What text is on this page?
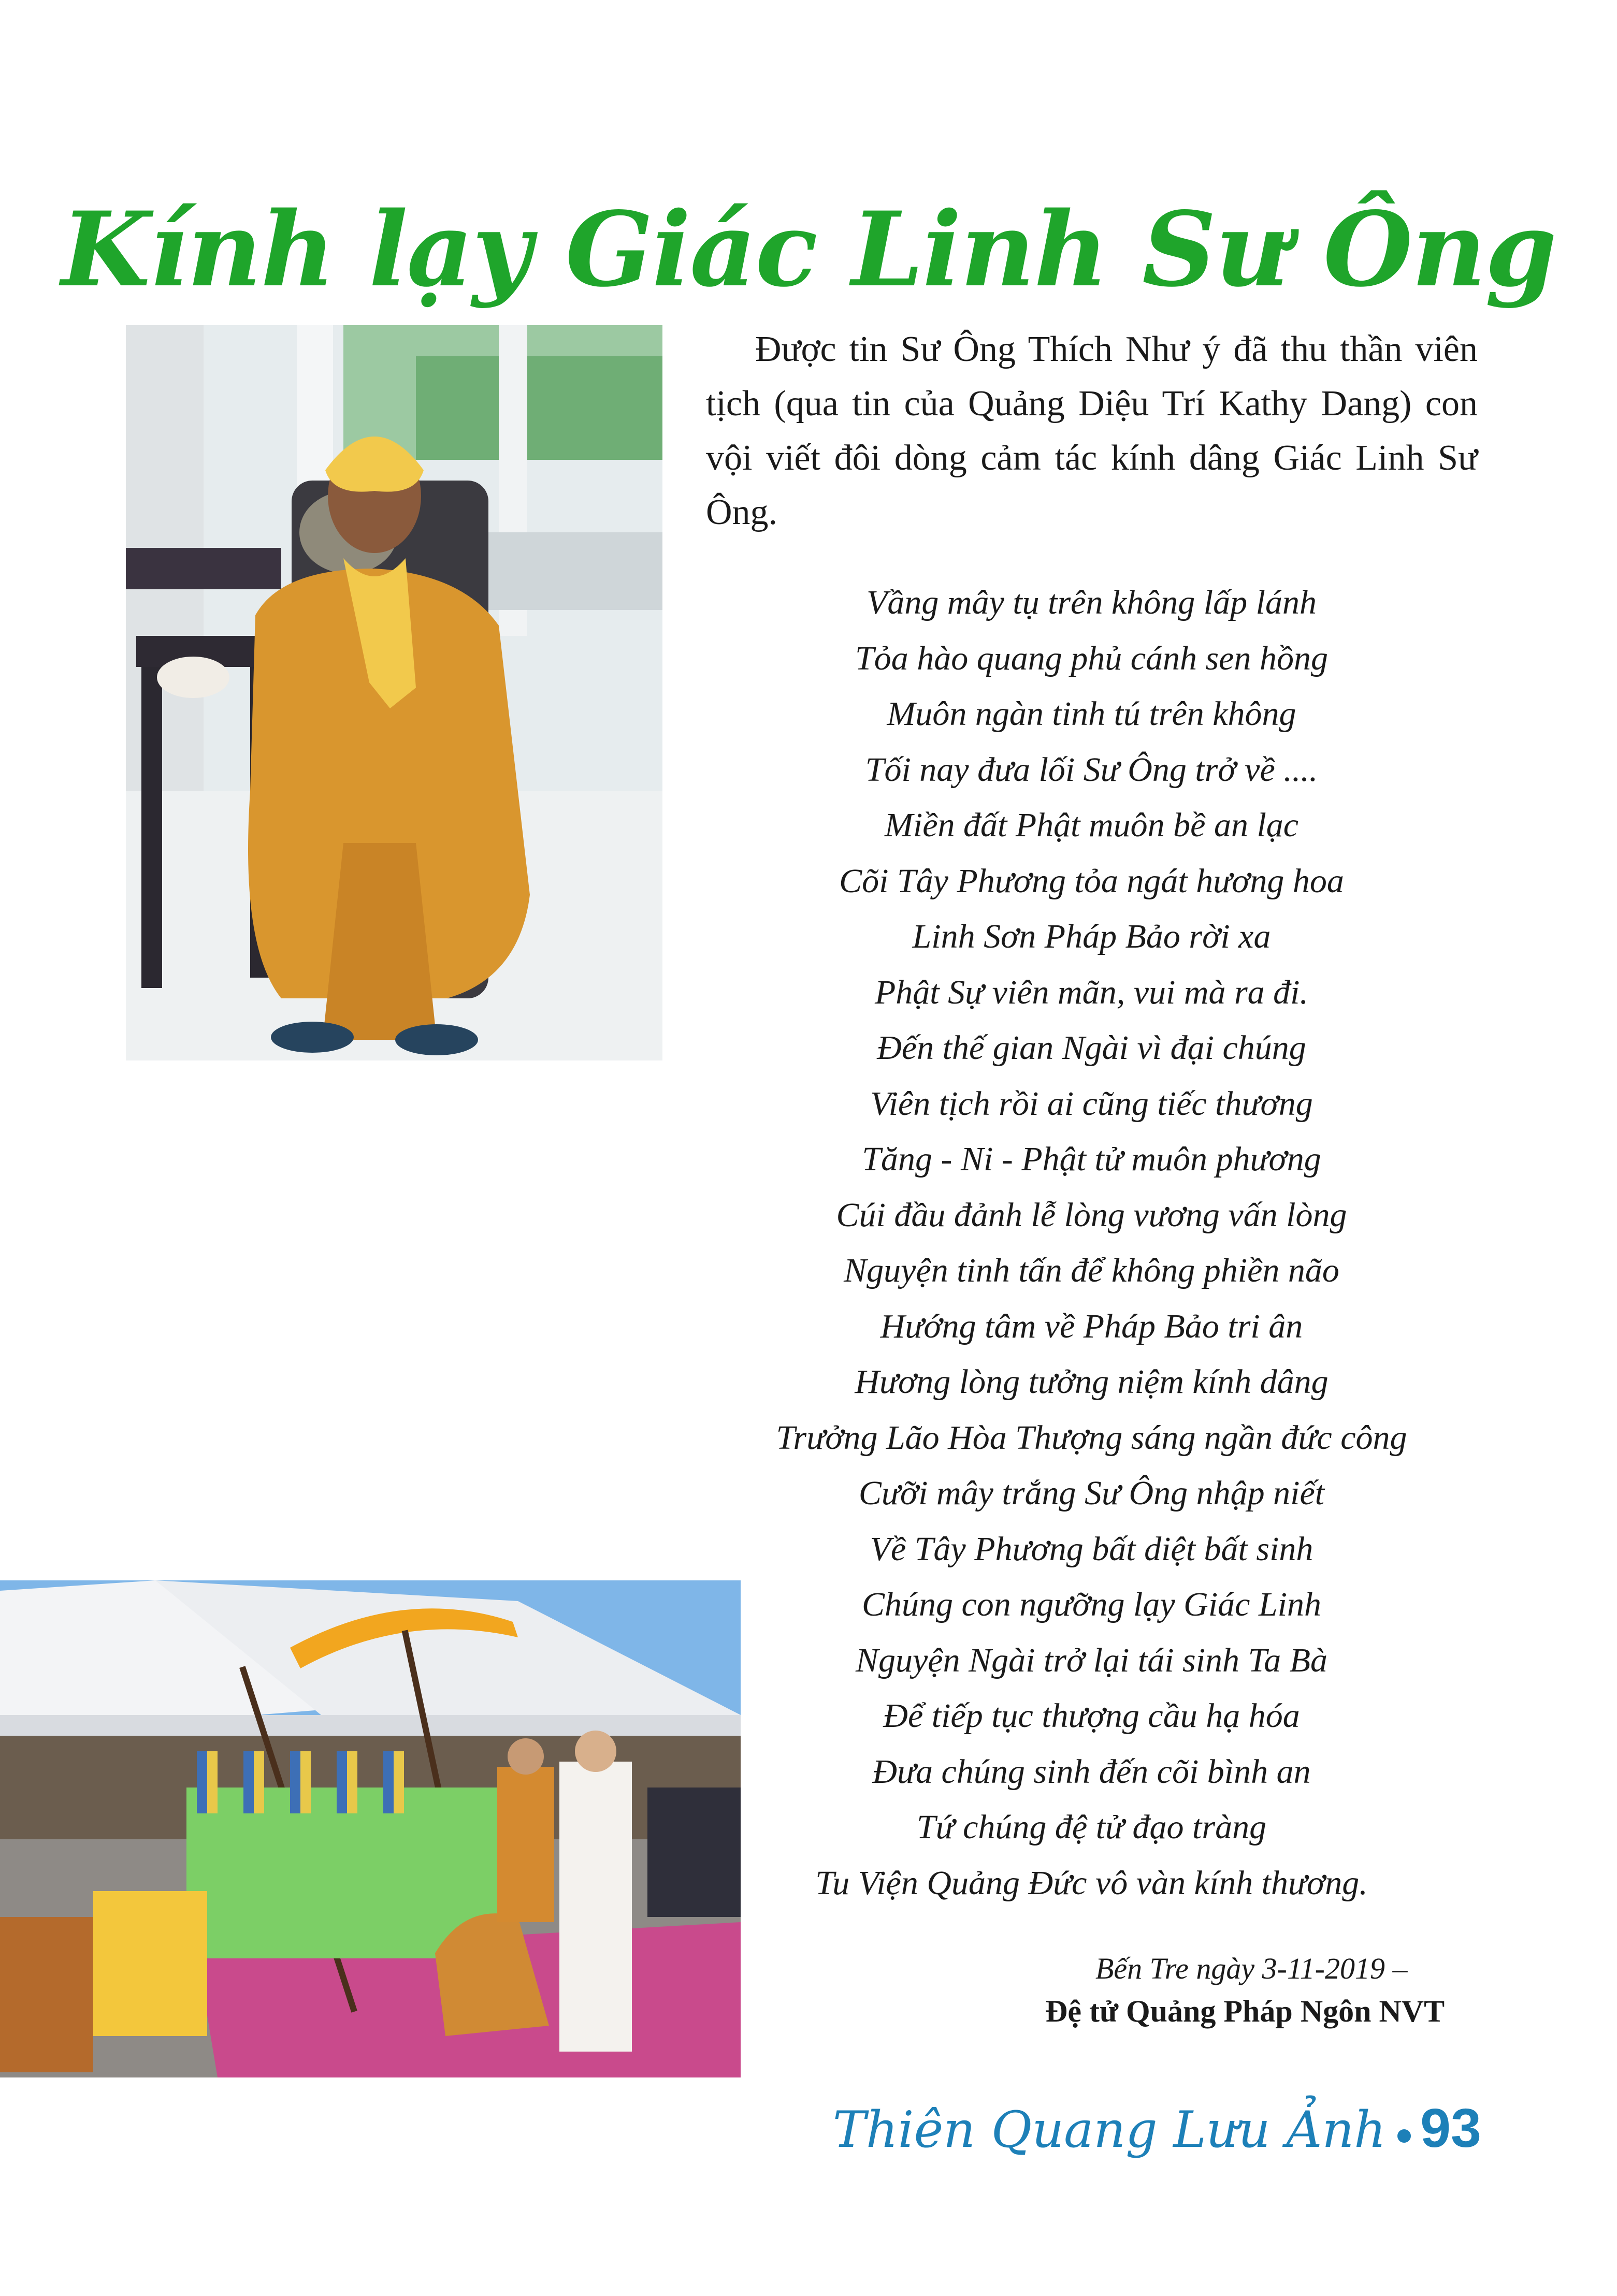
Kính lạy Giác Linh Sư Ông

Được tin Sư Ông Thích Như ý đã thu thần viên tịch (qua tin của Quảng Diệu Trí Kathy Dang) con vội viết đôi dòng cảm tác kính dâng Giác Linh Sư Ông.

Vầng mây tụ trên không lấp lánh
Tỏa hào quang phủ cánh sen hồng
Muôn ngàn tinh tú trên không
Tối nay đưa lối Sư Ông trở về ....
Miền đất Phật muôn bề an lạc
Cõi Tây Phương tỏa ngát hương hoa
Linh Sơn Pháp Bảo rời xa
Phật Sự viên mãn, vui mà ra đi.
Đến thế gian Ngài vì đại chúng
Viên tịch rồi ai cũng tiếc thương
Tăng - Ni - Phật tử muôn phương
Cúi đầu đảnh lễ lòng vương vấn lòng
Nguyện tinh tấn để không phiền não
Hướng tâm về Pháp Bảo tri ân
Hương lòng tưởng niệm kính dâng
Trưởng Lão Hòa Thượng sáng ngần đức công
Cưỡi mây trắng Sư Ông nhập niết
Về Tây Phương bất diệt bất sinh
Chúng con ngưỡng lạy Giác Linh
Nguyện Ngài trở lại tái sinh Ta Bà
Để tiếp tục thượng cầu hạ hóa
Đưa chúng sinh đến cõi bình an
Tứ chúng đệ tử đạo tràng
Tu Viện Quảng Đức vô vàn kính thương.
Bến Tre ngày 3-11-2019 –
Đệ tử Quảng Pháp Ngôn NVT
Thiên Quang Lưu Ảnh 93
